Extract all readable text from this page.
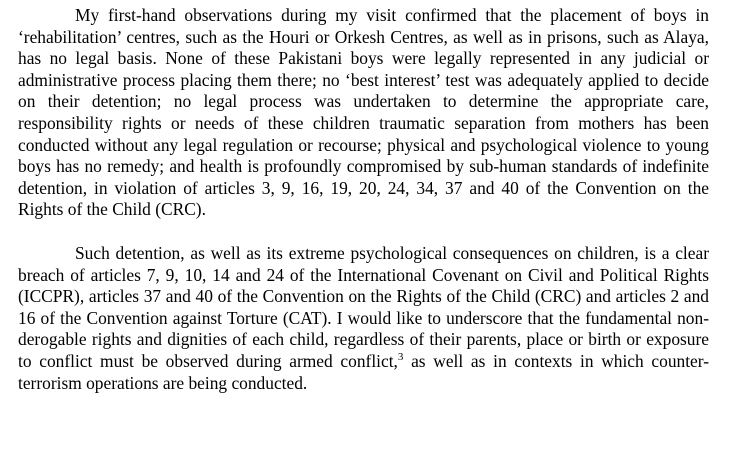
My first-hand observations during my visit confirmed that the placement of boys in ‘rehabilitation’ centres, such as the Houri or Orkesh Centres, as well as in prisons, such as Alaya, has no legal basis. None of these Pakistani boys were legally represented in any judicial or administrative process placing them there; no ‘best interest’ test was adequately applied to decide on their detention; no legal process was undertaken to determine the appropriate care, responsibility rights or needs of these children traumatic separation from mothers has been conducted without any legal regulation or recourse; physical and psychological violence to young boys has no remedy; and health is profoundly compromised by sub-human standards of indefinite detention, in violation of articles 3, 9, 16, 19, 20, 24, 34, 37 and 40 of the Convention on the Rights of the Child (CRC).

Such detention, as well as its extreme psychological consequences on children, is a clear breach of articles 7, 9, 10, 14 and 24 of the International Covenant on Civil and Political Rights (ICCPR), articles 37 and 40 of the Convention on the Rights of the Child (CRC) and articles 2 and 16 of the Convention against Torture (CAT). I would like to underscore that the fundamental non-derogable rights and dignities of each child, regardless of their parents, place or birth or exposure to conflict must be observed during armed conflict,$^3$ as well as in contexts in which counter-terrorism operations are being conducted.
